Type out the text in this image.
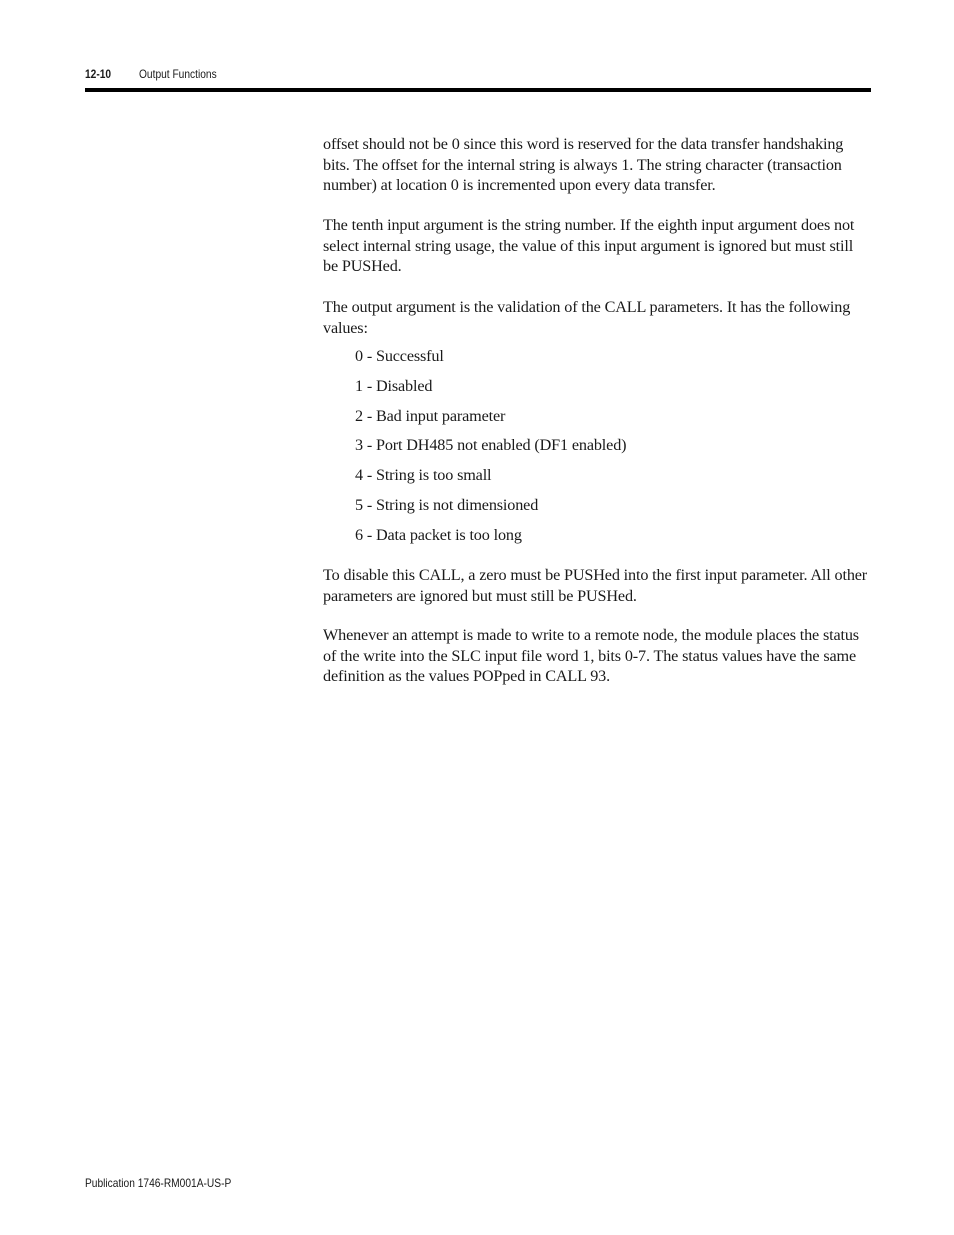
12-10 Output Functions

offset should not be 0 since this word is reserved for the data transfer handshaking bits. The offset for the internal string is always 1. The string character (transaction number) at location 0 is incremented upon every data transfer.

The tenth input argument is the string number. If the eighth input argument does not select internal string usage, the value of this input argument is ignored but must still be PUSHed.

The output argument is the validation of the CALL parameters. It has the following values:

0 - Successful
1 - Disabled
2 - Bad input parameter
3 - Port DH485 not enabled (DF1 enabled)
4 - String is too small
5 - String is not dimensioned
6 - Data packet is too long

To disable this CALL, a zero must be PUSHed into the first input parameter. All other parameters are ignored but must still be PUSHed.

Whenever an attempt is made to write to a remote node, the module places the status of the write into the SLC input file word 1, bits 0-7. The status values have the same definition as the values POPped in CALL 93.

Publication 1746-RM001A-US-P
